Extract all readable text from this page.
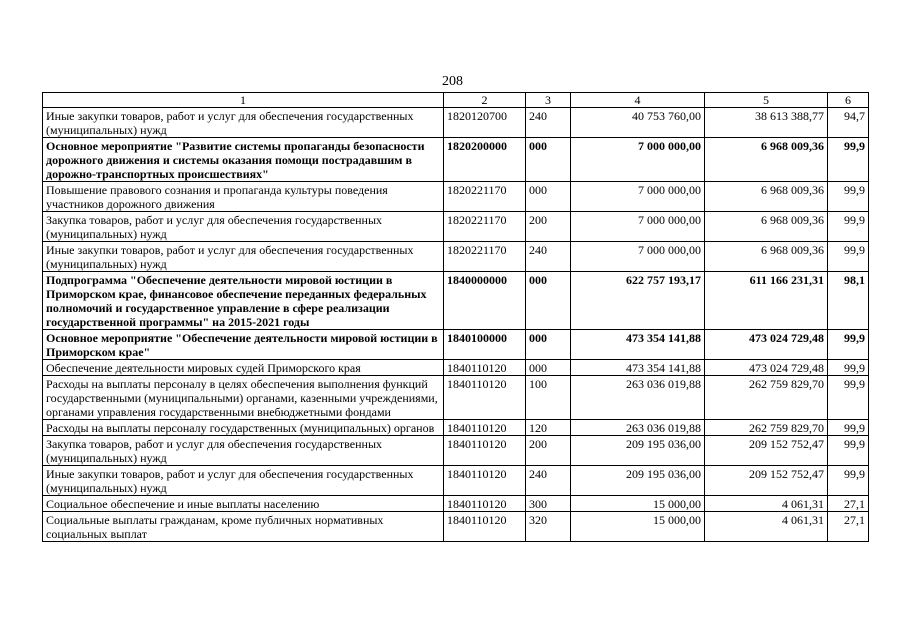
208
1	2	3	4	5	6
Иные закупки товаров, работ и услуг для обеспечения государственных (муниципальных) нужд	1820120700	240	40 753 760,00	38 613 388,77	94,7
Основное мероприятие "Развитие системы пропаганды безопасности дорожного движения и системы оказания помощи пострадавшим в дорожно-транспортных происшествиях"	1820200000	000	7 000 000,00	6 968 009,36	99,9
Повышение правового сознания и пропаганда культуры поведения участников дорожного движения	1820221170	000	7 000 000,00	6 968 009,36	99,9
Закупка товаров, работ и услуг для обеспечения государственных (муниципальных) нужд	1820221170	200	7 000 000,00	6 968 009,36	99,9
Иные закупки товаров, работ и услуг для обеспечения государственных (муниципальных) нужд	1820221170	240	7 000 000,00	6 968 009,36	99,9
Подпрограмма "Обеспечение деятельности мировой юстиции в Приморском крае, финансовое обеспечение переданных федеральных полномочий и государственное управление в сфере реализации государственной программы" на 2015-2021 годы	1840000000	000	622 757 193,17	611 166 231,31	98,1
Основное мероприятие "Обеспечение деятельности мировой юстиции в Приморском крае"	1840100000	000	473 354 141,88	473 024 729,48	99,9
Обеспечение деятельности мировых судей Приморского края	1840110120	000	473 354 141,88	473 024 729,48	99,9
Расходы на выплаты персоналу в целях обеспечения выполнения функций государственными (муниципальными) органами, казенными учреждениями, органами управления государственными внебюджетными фондами	1840110120	100	263 036 019,88	262 759 829,70	99,9
Расходы на выплаты персоналу государственных (муниципальных) органов	1840110120	120	263 036 019,88	262 759 829,70	99,9
Закупка товаров, работ и услуг для обеспечения государственных (муниципальных) нужд	1840110120	200	209 195 036,00	209 152 752,47	99,9
Иные закупки товаров, работ и услуг для обеспечения государственных (муниципальных) нужд	1840110120	240	209 195 036,00	209 152 752,47	99,9
Социальное обеспечение и иные выплаты населению	1840110120	300	15 000,00	4 061,31	27,1
Социальные выплаты гражданам, кроме публичных нормативных социальных выплат	1840110120	320	15 000,00	4 061,31	27,1
